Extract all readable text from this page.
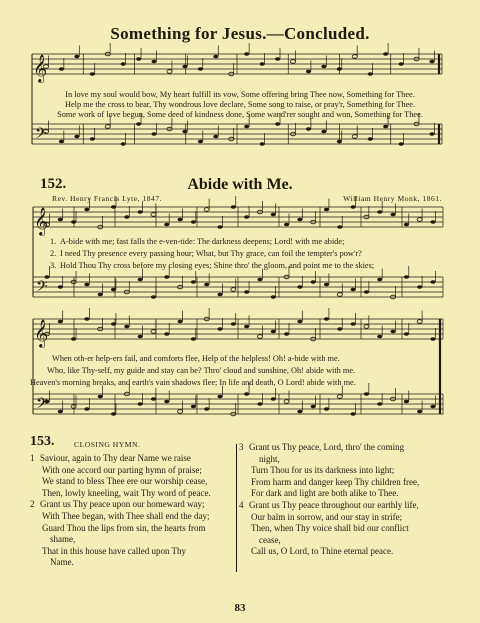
Something for Jesus.—Concluded.
𝄞
𝄢
𝄞
𝄢
𝄞
𝄢
In love my soul would bow, My heart fulfill its vow, Some offering bring Thee now, Something for Thee.
Help me the cross to bear, Thy wondrous love declare, Some song to raise, or pray'r, Something for Thee.
Some work of love begun, Some deed of kindness done, Some wand'rer sought and won, Something for Thee.
152.	Abide with Me.
Rev. Henry Francis Lyte, 1847.	William Henry Monk, 1861.
1. A-bide with me; fast falls the e-ven-tide: The darkness deepens; Lord! with me abide;
2. I need Thy presence every passing hour; What, but Thy grace, can foil the tempter's pow'r?
3. Hold Thou Thy cross before my closing eyes; Shine thro' the gloom, and point me to the skies;
When oth-er help-ers fail, and comforts flee, Help of the helpless! Oh! a-bide with me.
Who, like Thy-self, my guide and stay can be? Thro' cloud and sunshine, Oh! abide with me.
Heaven's morning breaks, and earth's vain shadows flee; In life and death, O Lord! abide with me.
153.	CLOSING HYMN.
1 Saviour, again to Thy dear Name we raise
With one accord our parting hymn of praise;
We stand to bless Thee ere our worship cease,
Then, lowly kneeling, wait Thy word of peace.
2 Grant us Thy peace upon our homeward way;
With Thee began, with Thee shall end the day;
Guard Thou the lips from sin, the hearts from
shame,
That in this house have called upon Thy
Name.
3 Grant us Thy peace, Lord, thro' the coming
night,
Turn Thou for us its darkness into light;
From harm and danger keep Thy children free,
For dark and light are both alike to Thee.
4 Grant us Thy peace throughout our earthly life,
Our balm in sorrow, and our stay in strife;
Then, when Thy voice shall bid our conflict
cease,
Call us, O Lord, to Thine eternal peace.
83
